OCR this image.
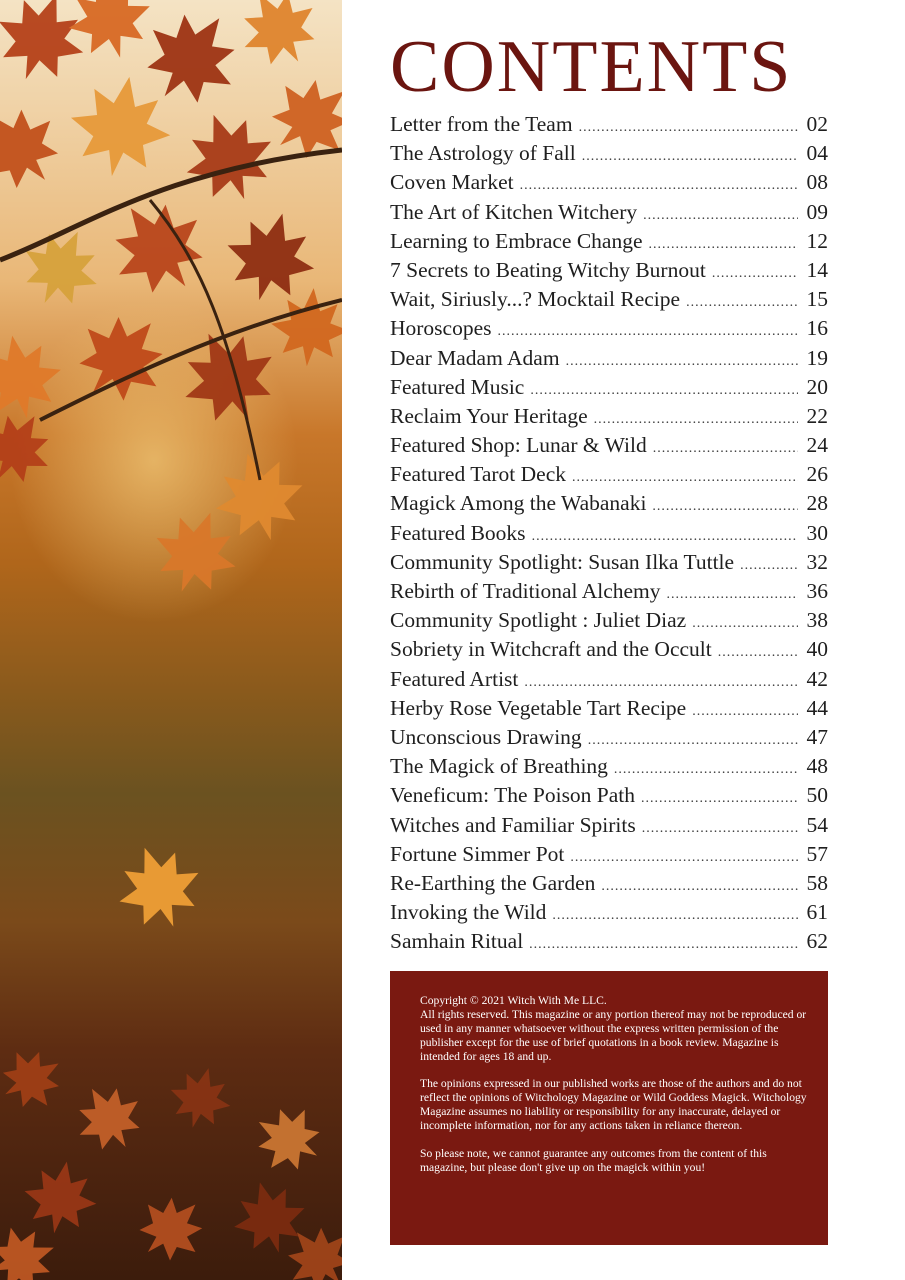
CONTENTS
Letter from the Team .....	02
The Astrology of Fall .....	04
Coven Market .....	08
The Art of Kitchen Witchery .....	09
Learning to Embrace Change .....	12
7 Secrets to Beating Witchy Burnout .....	14
Wait, Siriusly...? Mocktail Recipe .....	15
Horoscopes .....	16
Dear Madam Adam .....	19
Featured Music .....	20
Reclaim Your Heritage .....	22
Featured Shop: Lunar & Wild .....	24
Featured Tarot Deck .....	26
Magick Among the Wabanaki .....	28
Featured Books .....	30
Community Spotlight: Susan Ilka Tuttle .....	32
Rebirth of Traditional Alchemy .....	36
Community Spotlight : Juliet Diaz .....	38
Sobriety in Witchcraft and the Occult .....	40
Featured Artist .....	42
Herby Rose Vegetable Tart Recipe .....	44
Unconscious Drawing .....	47
The Magick of Breathing .....	48
Veneficum: The Poison Path .....	50
Witches and Familiar Spirits .....	54
Fortune Simmer Pot .....	57
Re-Earthing the Garden .....	58
Invoking the Wild .....	61
Samhain Ritual .....	62

Copyright © 2021 Witch With Me LLC.
All rights reserved. This magazine or any portion thereof may not be reproduced or used in any manner whatsoever without the express written permission of the publisher except for the use of brief quotations in a book review. Magazine is intended for ages 18 and up.

The opinions expressed in our published works are those of the authors and do not reflect the opinions of Witchology Magazine or Wild Goddess Magick. Witchology Magazine assumes no liability or responsibility for any inaccurate, delayed or incomplete information, nor for any actions taken in reliance thereon.

So please note, we cannot guarantee any outcomes from the content of this magazine, but please don't give up on the magick within you!
